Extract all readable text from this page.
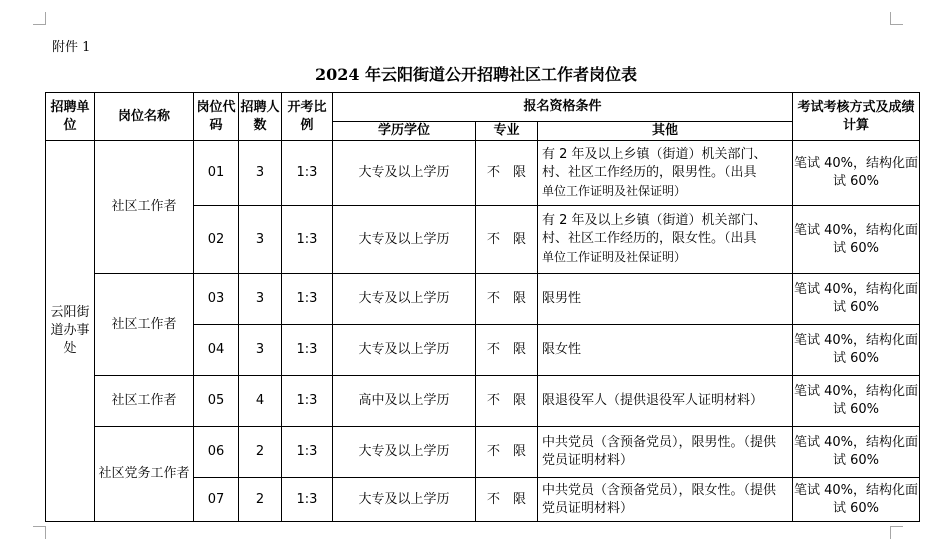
附件 1
2024 年云阳街道公开招聘社区工作者岗位表
招聘单位	岗位名称	岗位代码	招聘人数	开考比例	报名资格条件			考试考核方式及成绩计算
					学历学位	专业	其他	
云阳街道办事处	社区工作者	01	3	1:3	大专及以上学历	不　限	有 2 年及以上乡镇（街道）机关部门、村、社区工作经历的，限男性。（出具
单位工作证明及社保证明）	笔试 40%，结构化面试 60%
		02	3	1:3	大专及以上学历	不　限	有 2 年及以上乡镇（街道）机关部门、村、社区工作经历的，限女性。（出具
单位工作证明及社保证明）	笔试 40%，结构化面试 60%
	社区工作者	03	3	1:3	大专及以上学历	不　限	限男性	笔试 40%，结构化面试 60%
		04	3	1:3	大专及以上学历	不　限	限女性	笔试 40%，结构化面试 60%
	社区工作者	05	4	1:3	高中及以上学历	不　限	限退役军人（提供退役军人证明材料）	笔试 40%，结构化面试 60%
	社区党务工作者	06	2	1:3	大专及以上学历	不　限	中共党员（含预备党员），限男性。（提供党员证明材料）	笔试 40%，结构化面试 60%
		07	2	1:3	大专及以上学历	不　限	中共党员（含预备党员），限女性。（提供党员证明材料）	笔试 40%，结构化面试 60%
